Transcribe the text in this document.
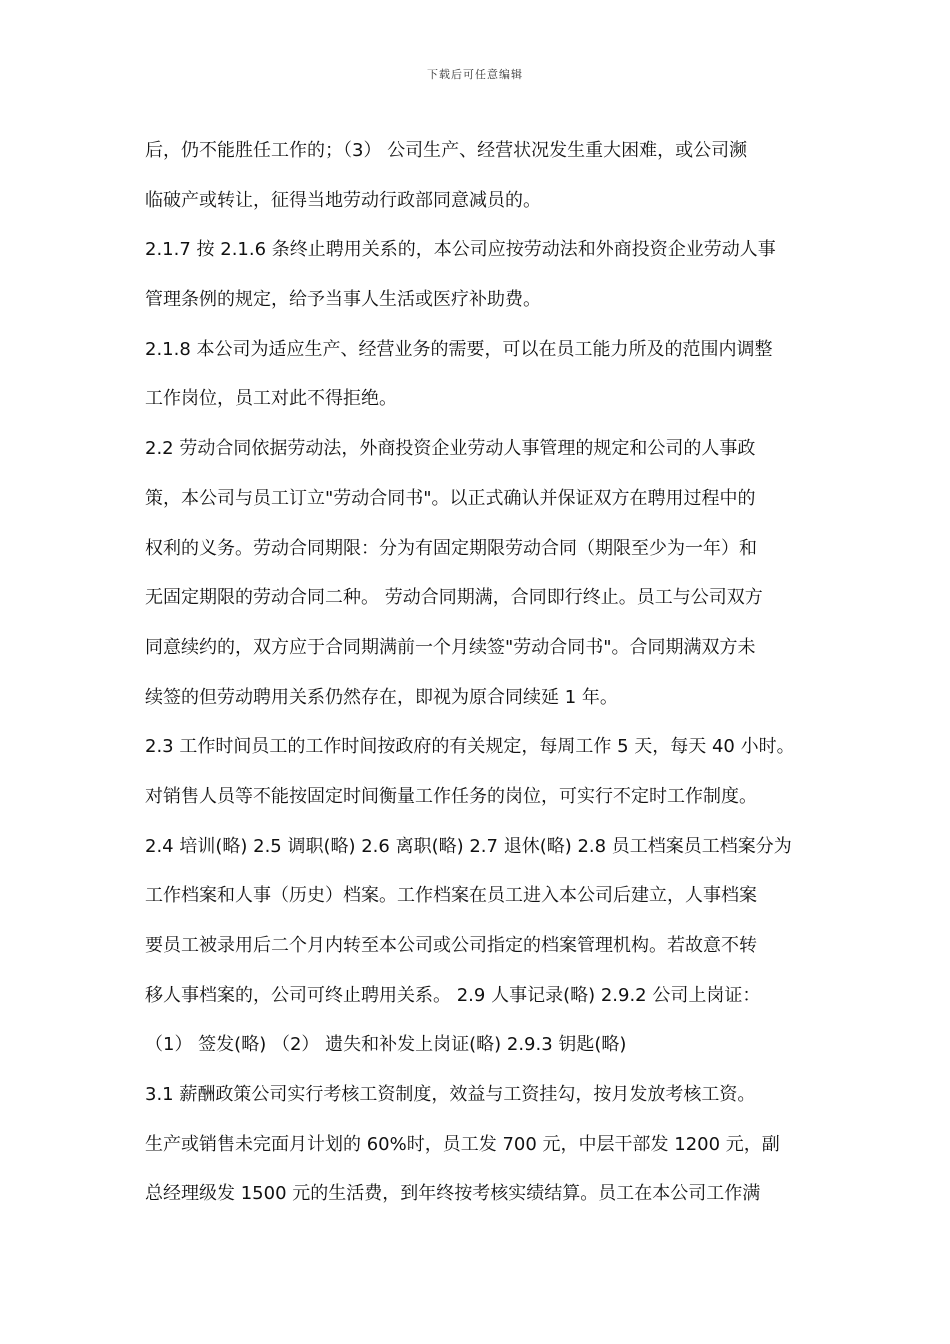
下载后可任意编辑
后，仍不能胜任工作的；（3） 公司生产、经营状况发生重大困难，或公司濒
临破产或转让，征得当地劳动行政部同意减员的。
2.1.7 按 2.1.6 条终止聘用关系的，本公司应按劳动法和外商投资企业劳动人事
管理条例的规定，给予当事人生活或医疗补助费。
2.1.8 本公司为适应生产、经营业务的需要，可以在员工能力所及的范围内调整
工作岗位，员工对此不得拒绝。
2.2 劳动合同依据劳动法，外商投资企业劳动人事管理的规定和公司的人事政
策，本公司与员工订立"劳动合同书"。以正式确认并保证双方在聘用过程中的
权利的义务。劳动合同期限：分为有固定期限劳动合同（期限至少为一年）和
无固定期限的劳动合同二种。 劳动合同期满，合同即行终止。员工与公司双方
同意续约的，双方应于合同期满前一个月续签"劳动合同书"。合同期满双方未
续签的但劳动聘用关系仍然存在，即视为原合同续延 1 年。
2.3 工作时间员工的工作时间按政府的有关规定，每周工作 5 天，每天 40 小时。
对销售人员等不能按固定时间衡量工作任务的岗位，可实行不定时工作制度。
2.4 培训(略) 2.5 调职(略) 2.6 离职(略) 2.7 退休(略) 2.8 员工档案员工档案分为
工作档案和人事（历史）档案。工作档案在员工进入本公司后建立，人事档案
要员工被录用后二个月内转至本公司或公司指定的档案管理机构。若故意不转
移人事档案的，公司可终止聘用关系。 2.9 人事记录(略) 2.9.2 公司上岗证：
（1） 签发(略) （2） 遗失和补发上岗证(略) 2.9.3 钥匙(略)
3.1 薪酬政策公司实行考核工资制度，效益与工资挂勾，按月发放考核工资。
生产或销售未完面月计划的 60%时，员工发 700 元，中层干部发 1200 元，副
总经理级发 1500 元的生活费，到年终按考核实绩结算。员工在本公司工作满
